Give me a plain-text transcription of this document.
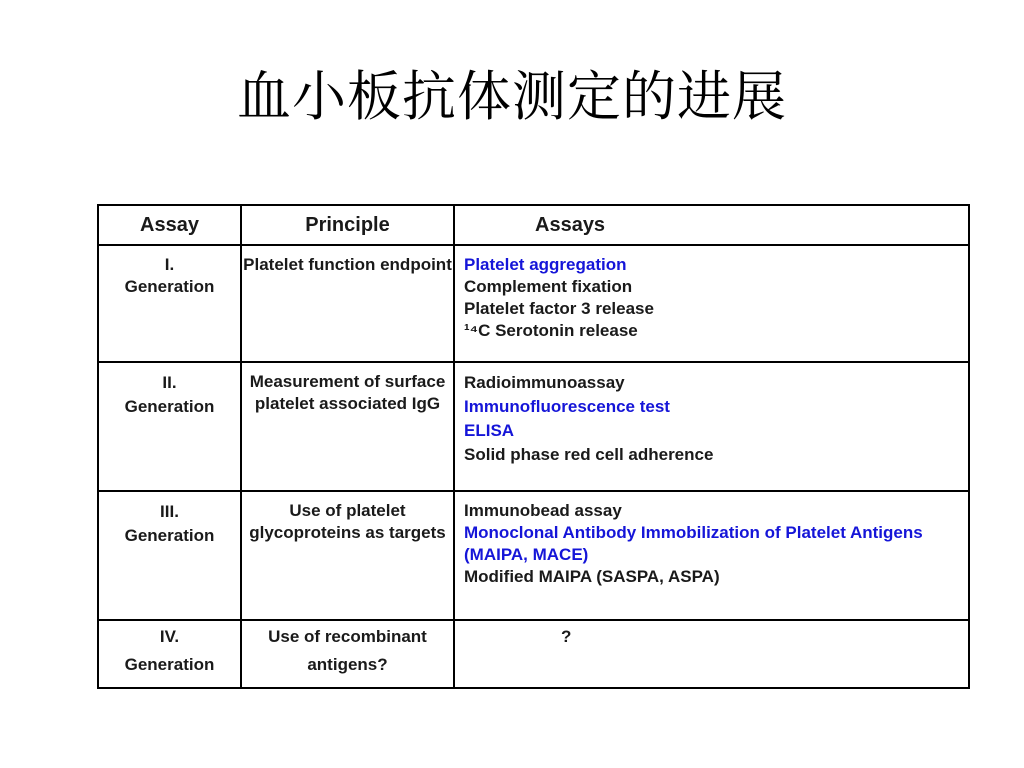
血小板抗体测定的进展
Assay	Principle	Assays

I.
Generation	Platelet function endpoint	Platelet aggregation
Complement fixation
Platelet factor 3 release
¹⁴C Serotonin release

II.
Generation	Measurement of surface platelet associated IgG	Radioimmunoassay
Immunofluorescence test
ELISA
Solid phase red cell adherence

III.
Generation	Use of platelet glycoproteins as targets	Immunobead assay
Monoclonal Antibody Immobilization of Platelet Antigens (MAIPA, MACE)
Modified MAIPA (SASPA, ASPA)

IV.
Generation	Use of recombinant antigens?	?
